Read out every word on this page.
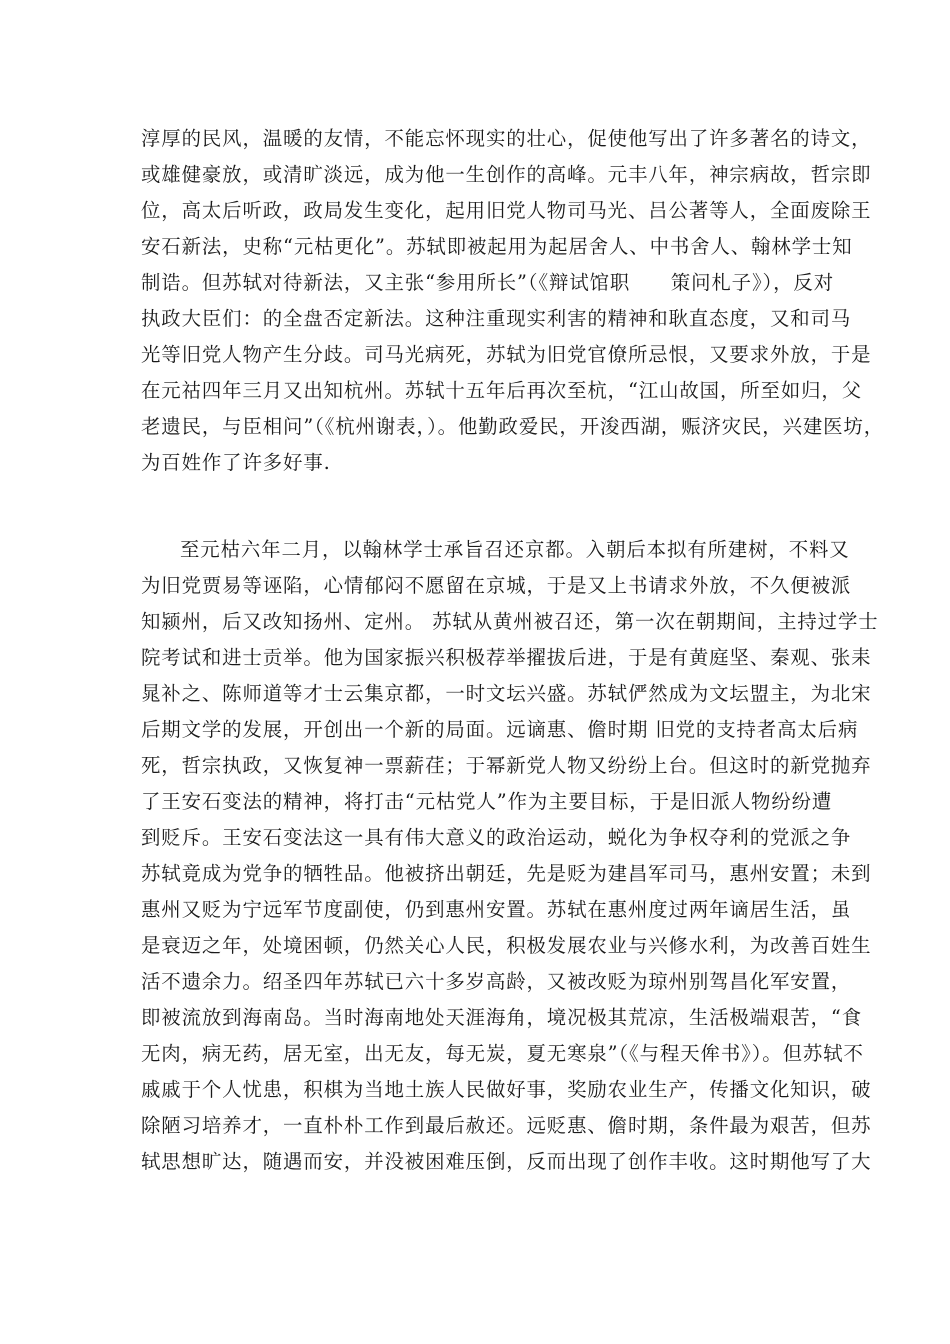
淳厚的民风，温暖的友情，不能忘怀现实的壮心，促使他写出了许多著名的诗文，
或雄健豪放，或清旷淡远，成为他一生创作的高峰。元丰八年，神宗病故，哲宗即
位，高太后听政，政局发生变化，起用旧党人物司马光、吕公著等人，全面废除王
安石新法，史称“元枯更化”。苏轼即被起用为起居舍人、中书舍人、翰林学士知
制诰。但苏轼对待新法，又主张“参用所长”（《辩试馆职　　策问札子》），反对
执政大臣们：的全盘否定新法。这种注重现实利害的精神和耿直态度，又和司马
光等旧党人物产生分歧。司马光病死，苏轼为旧党官僚所忌恨，又要求外放，于是
在元祜四年三月又出知杭州。苏轼十五年后再次至杭，“江山故国，所至如归，父
老遗民，与臣相问”（《杭州谢表，）。他勤政爱民，开浚西湖，赈济灾民，兴建医坊，
为百姓作了许多好事.
至元枯六年二月，以翰林学士承旨召还京都。入朝后本拟有所建树，不料又
为旧党贾易等诬陷，心情郁闷不愿留在京城，于是又上书请求外放，不久便被派
知颍州，后又改知扬州、定州。 苏轼从黄州被召还，第一次在朝期间，主持过学士
院考试和进士贡举。他为国家振兴积极荐举擢拔后进，于是有黄庭坚、秦观、张耒
晁补之、陈师道等才士云集京都，一时文坛兴盛。苏轼俨然成为文坛盟主，为北宋
后期文学的发展，开创出一个新的局面。远谪惠、儋时期 旧党的支持者高太后病
死，哲宗执政，又恢复神一票薪荏；于幂新党人物又纷纷上台。但这时的新党抛弃
了王安石变法的精神，将打击“元枯党人”作为主要目标，于是旧派人物纷纷遭
到贬斥。王安石变法这一具有伟大意义的政治运动，蜕化为争权夺利的党派之争
苏轼竟成为党争的牺牲品。他被挤出朝廷，先是贬为建昌军司马，惠州安置；未到
惠州又贬为宁远军节度副使，仍到惠州安置。苏轼在惠州度过两年谪居生活，虽
是衰迈之年，处境困顿，仍然关心人民，积极发展农业与兴修水利，为改善百姓生
活不遗余力。绍圣四年苏轼已六十多岁高龄，又被改贬为琼州别驾昌化军安置，
即被流放到海南岛。当时海南地处天涯海角，境况极其荒凉，生活极端艰苦，“食
无肉，病无药，居无室，出无友，每无炭，夏无寒泉”（《与程天侔书》）。但苏轼不
戚戚于个人忧患，积棋为当地土族人民做好事，奖励农业生产，传播文化知识，破
除陋习培养才，一直朴朴工作到最后赦还。远贬惠、儋时期，条件最为艰苦，但苏
轼思想旷达，随遇而安，并没被困难压倒，反而出现了创作丰收。这时期他写了大
